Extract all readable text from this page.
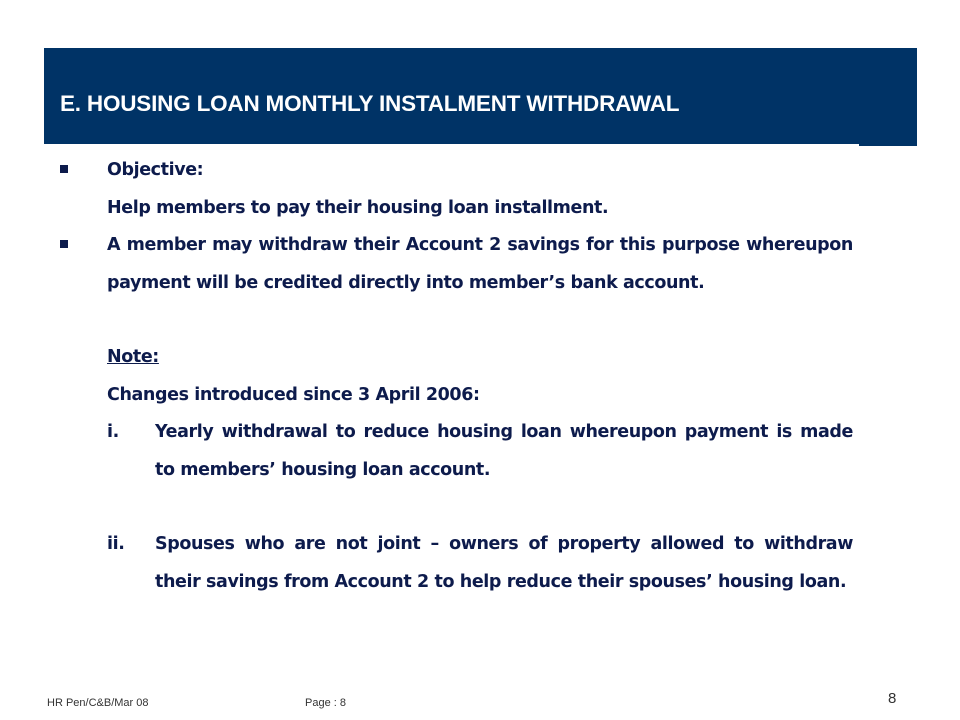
E. HOUSING LOAN MONTHLY INSTALMENT WITHDRAWAL
Objective:
Help members to pay their housing loan installment.
A member may withdraw their Account 2 savings for this purpose whereupon payment will be credited directly into member’s bank account.
Note:
Changes introduced since 3 April 2006:
i. Yearly withdrawal to reduce housing loan whereupon payment is made to members’ housing loan account.
ii. Spouses who are not joint – owners of property allowed to withdraw their savings from Account 2 to help reduce their spouses’ housing loan.
HR Pen/C&B/Mar 08	Page : 8	8
